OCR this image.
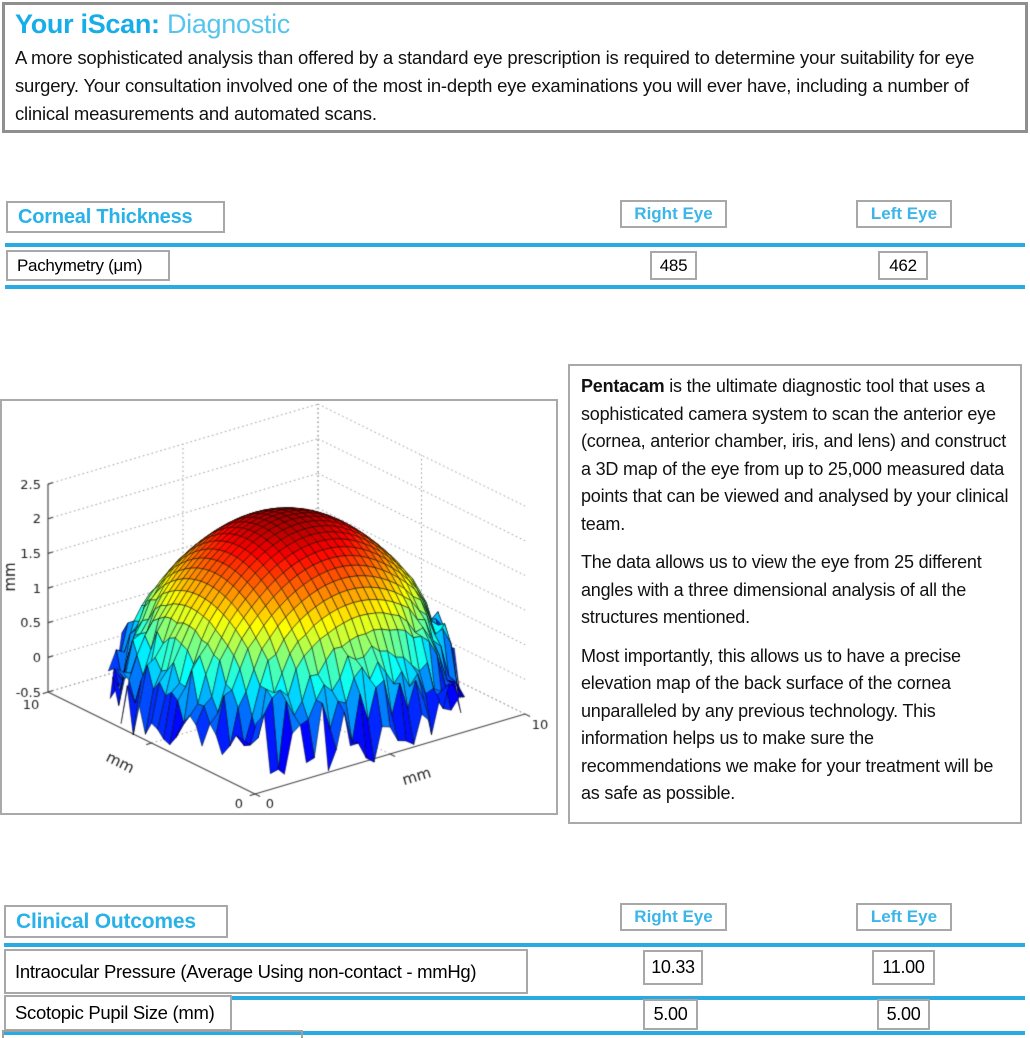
Your iScan: Diagnostic

A more sophisticated analysis than offered by a standard eye prescription is required to determine your suitability for eye surgery. Your consultation involved one of the most in-depth eye examinations you will ever have, including a number of clinical measurements and automated scans.

Corneal Thickness	Right Eye	Left Eye
Pachymetry (μm)	485	462

Pentacam is the ultimate diagnostic tool that uses a sophisticated camera system to scan the anterior eye (cornea, anterior chamber, iris, and lens) and construct a 3D map of the eye from up to 25,000 measured data points that can be viewed and analysed by your clinical team.

The data allows us to view the eye from 25 different angles with a three dimensional analysis of all the structures mentioned.

Most importantly, this allows us to have a precise elevation map of the back surface of the cornea unparalleled by any previous technology. This information helps us to make sure the recommendations we make for your treatment will be as safe as possible.

Clinical Outcomes	Right Eye	Left Eye
Intraocular Pressure (Average Using non-contact - mmHg)	10.33	11.00
Scotopic Pupil Size (mm)	5.00	5.00
